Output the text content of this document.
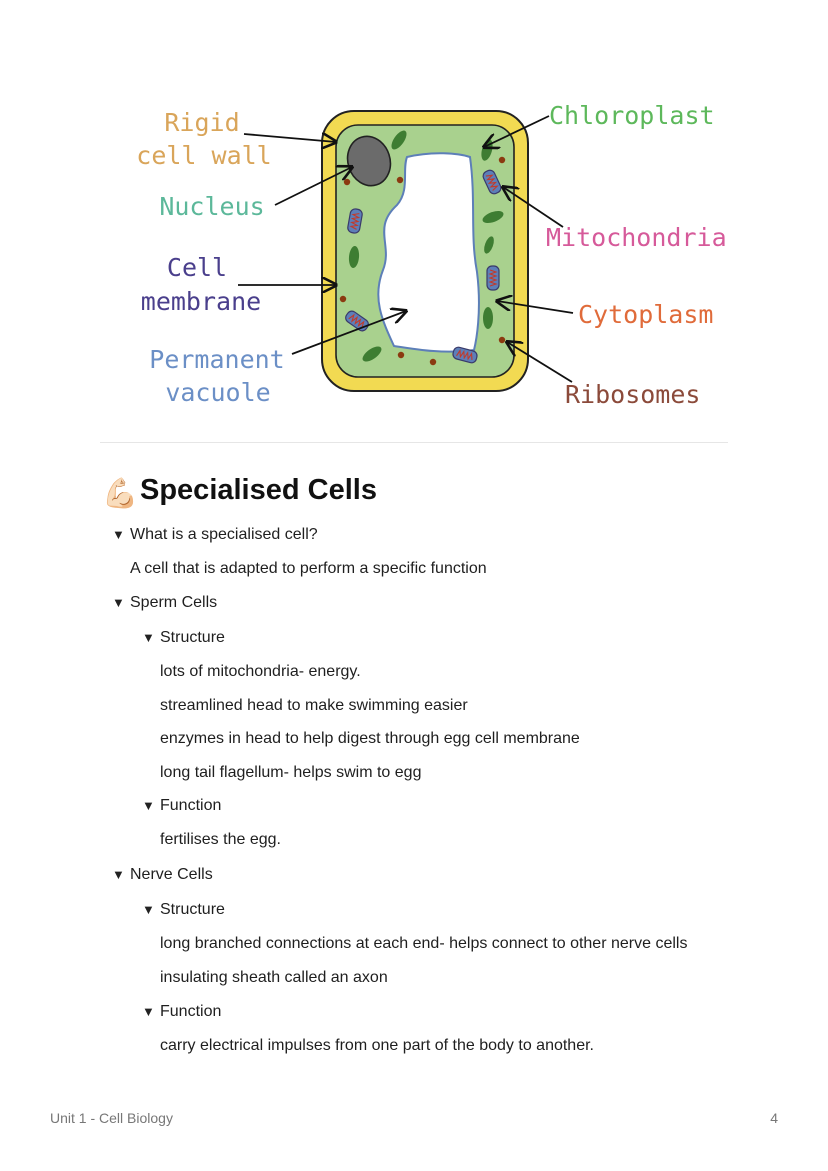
Rigid
cell wall
Nucleus
Cell
membrane
Permanent
vacuole
Chloroplast
Mitochondria
Cytoplasm
Ribosomes
💪🏻Specialised Cells
▼ What is a specialised cell?
A cell that is adapted to perform a specific function
▼ Sperm Cells
▼ Structure
lots of mitochondria- energy.
streamlined head to make swimming easier
enzymes in head to help digest through egg cell membrane
long tail flagellum- helps swim to egg
▼ Function
fertilises the egg.
▼ Nerve Cells
▼ Structure
long branched connections at each end- helps connect to other nerve cells
insulating sheath called an axon
▼ Function
carry electrical impulses from one part of the body to another.
Unit 1 - Cell Biology	4
